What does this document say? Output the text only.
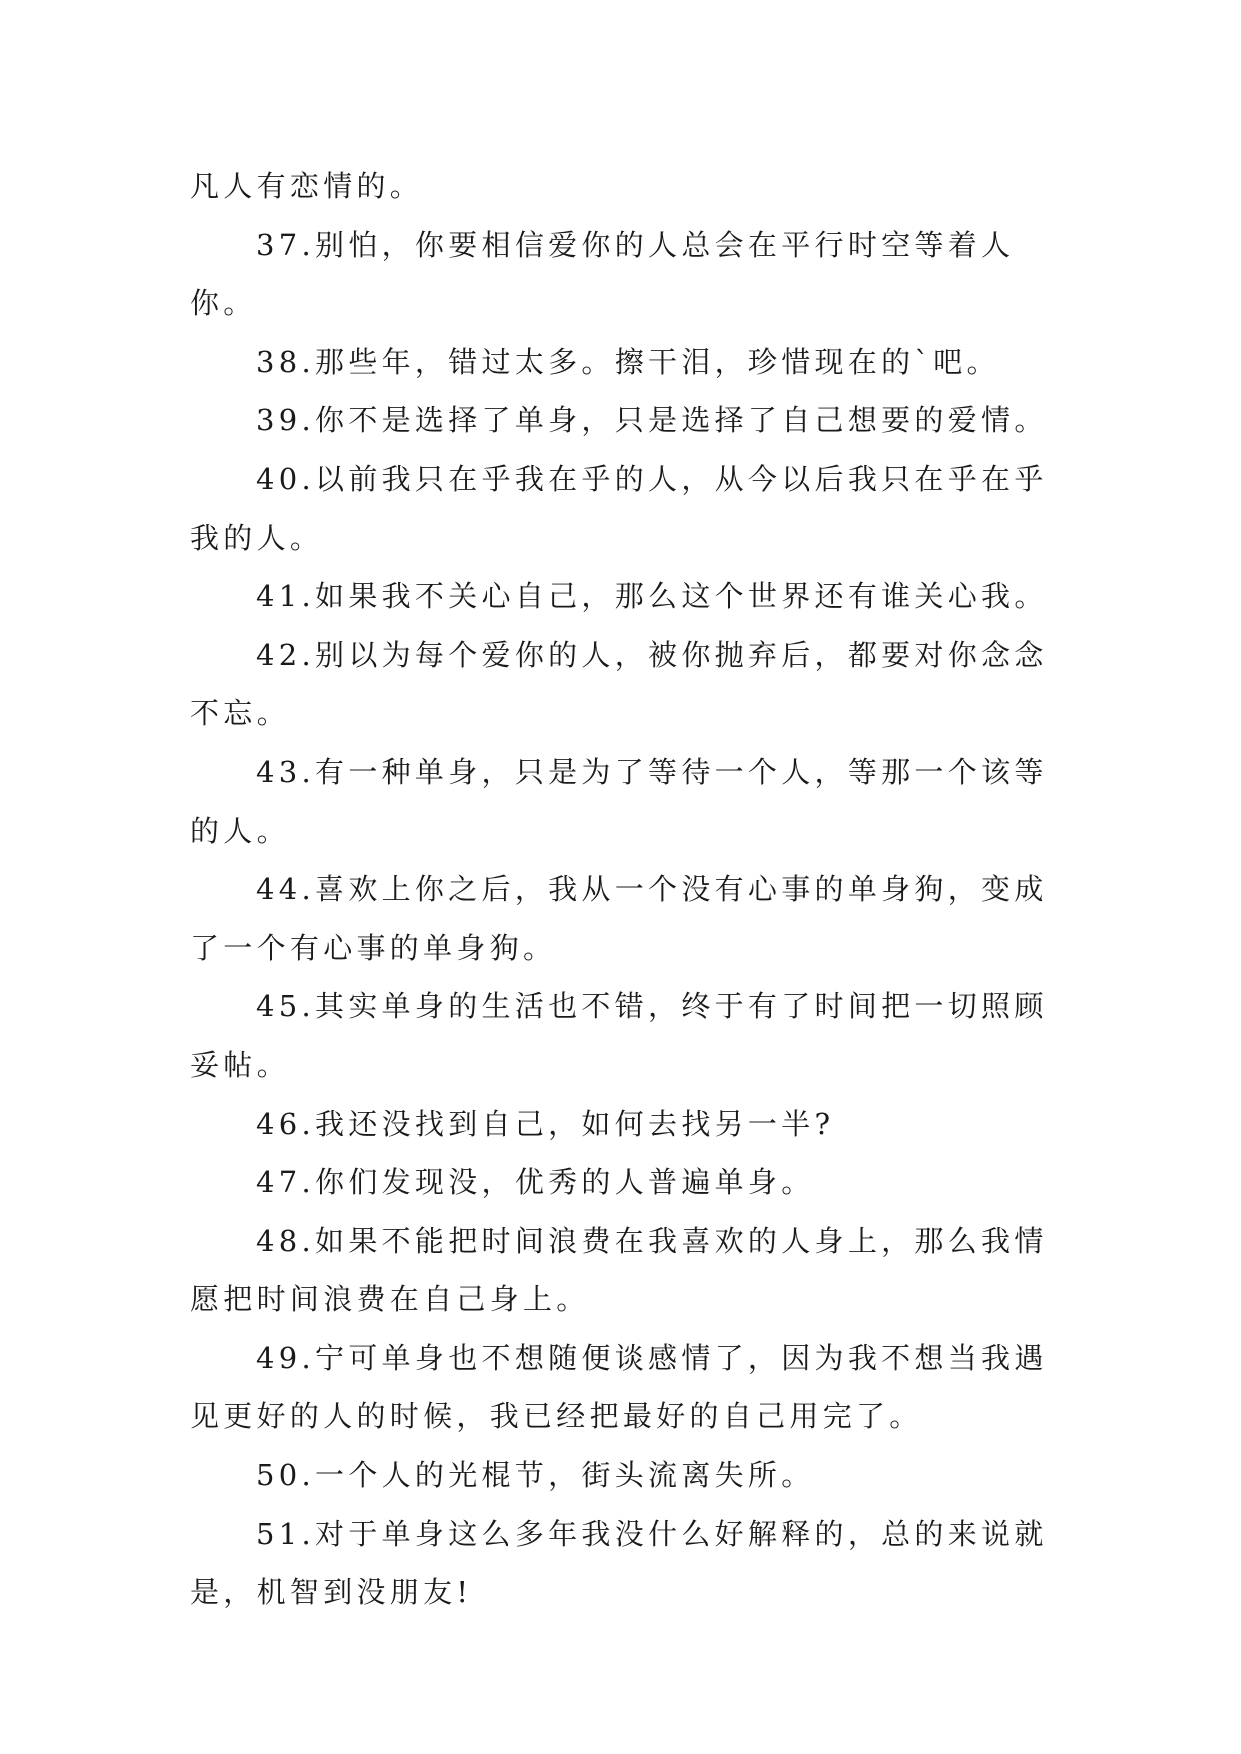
凡人有恋情的。

37.别怕，你要相信爱你的人总会在平行时空等着人你。

38.那些年，错过太多。擦干泪，珍惜现在的`吧。

39.你不是选择了单身，只是选择了自己想要的爱情。

40.以前我只在乎我在乎的人，从今以后我只在乎在乎我的人。

41.如果我不关心自己，那么这个世界还有谁关心我。

42.别以为每个爱你的人，被你抛弃后，都要对你念念不忘。

43.有一种单身，只是为了等待一个人，等那一个该等的人。

44.喜欢上你之后，我从一个没有心事的单身狗，变成了一个有心事的单身狗。

45.其实单身的生活也不错，终于有了时间把一切照顾妥帖。

46.我还没找到自己，如何去找另一半?

47.你们发现没，优秀的人普遍单身。

48.如果不能把时间浪费在我喜欢的人身上，那么我情愿把时间浪费在自己身上。

49.宁可单身也不想随便谈感情了，因为我不想当我遇见更好的人的时候，我已经把最好的自己用完了。

50.一个人的光棍节，街头流离失所。

51.对于单身这么多年我没什么好解释的，总的来说就是，机智到没朋友!
